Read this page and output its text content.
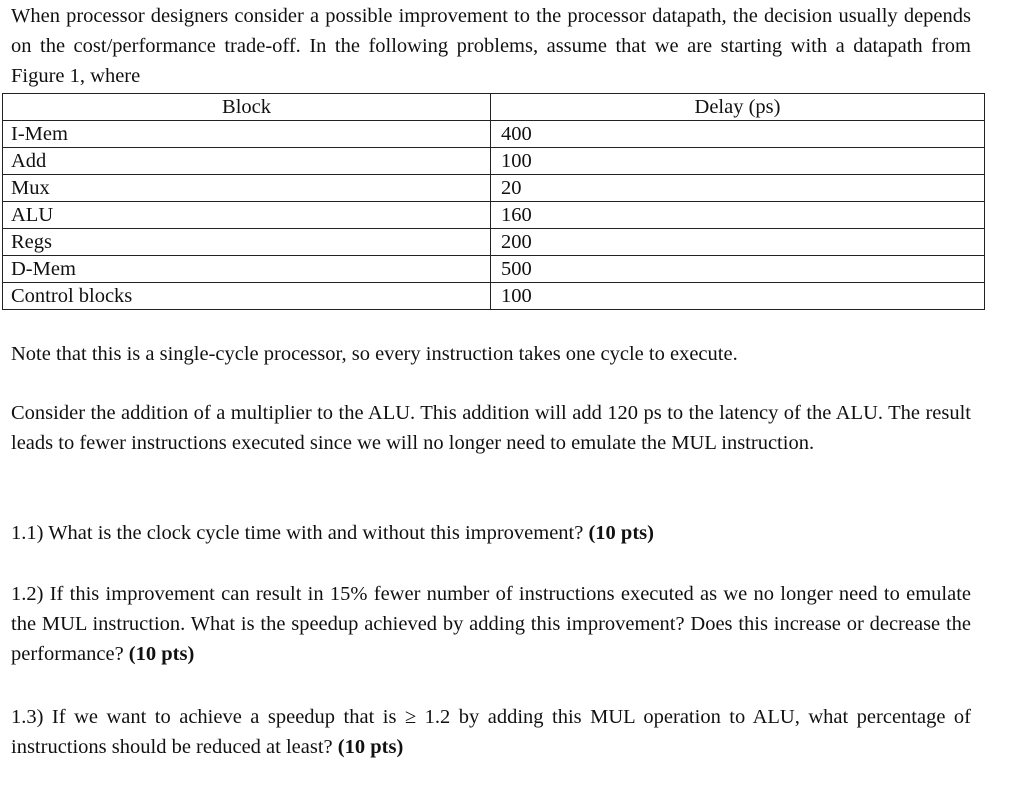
When processor designers consider a possible improvement to the processor datapath, the decision usually depends on the cost/performance trade-off. In the following problems, assume that we are starting with a datapath from Figure 1, where

Block	Delay (ps)
I-Mem	400
Add	100
Mux	20
ALU	160
Regs	200
D-Mem	500
Control blocks	100

Note that this is a single-cycle processor, so every instruction takes one cycle to execute.

Consider the addition of a multiplier to the ALU. This addition will add 120 ps to the latency of the ALU. The result leads to fewer instructions executed since we will no longer need to emulate the MUL instruction.

1.1) What is the clock cycle time with and without this improvement? (10 pts)

1.2) If this improvement can result in 15% fewer number of instructions executed as we no longer need to emulate the MUL instruction. What is the speedup achieved by adding this improvement? Does this increase or decrease the performance? (10 pts)

1.3) If we want to achieve a speedup that is ≥ 1.2 by adding this MUL operation to ALU, what percentage of instructions should be reduced at least? (10 pts)
